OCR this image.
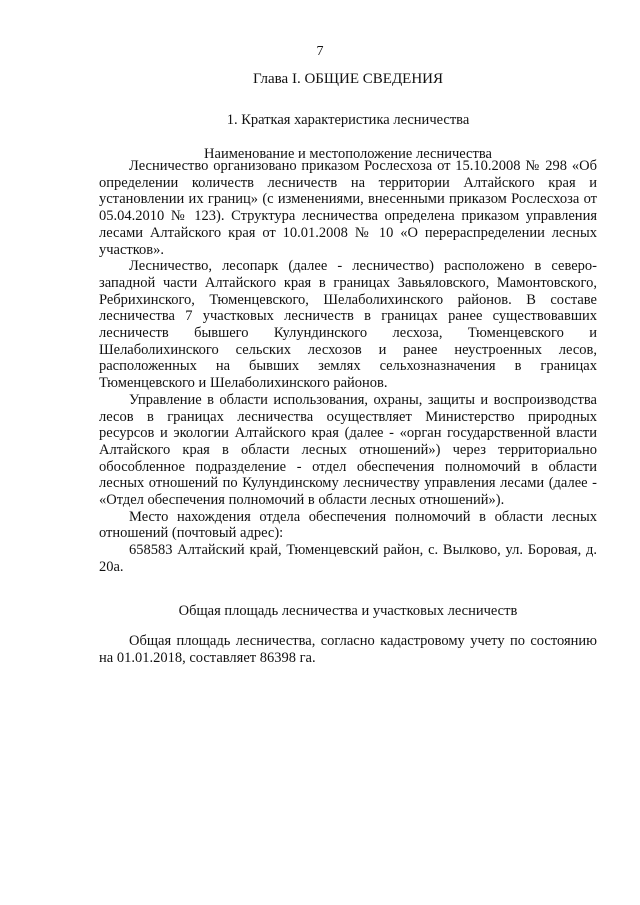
7
Глава I. ОБЩИЕ СВЕДЕНИЯ
1. Краткая характеристика лесничества
Наименование и местоположение лесничества

Лесничество организовано приказом Рослесхоза от 15.10.2008 № 298 «Об определении количеств лесничеств на территории Алтайского края и установлении их границ» (с изменениями, внесенными приказом Рослесхоза от 05.04.2010 № 123). Структура лесничества определена приказом управления лесами Алтайского края от 10.01.2008 № 10 «О перераспределении лесных участков».

Лесничество, лесопарк (далее - лесничество) расположено в северо-западной части Алтайского края в границах Завьяловского, Мамонтовского, Ребрихинского, Тюменцевского, Шелаболихинского районов. В составе лесничества 7 участковых лесничеств в границах ранее существовавших лесничеств бывшего Кулундинского лесхоза, Тюменцевского и Шелаболихинского сельских лесхозов и ранее неустроенных лесов, расположенных на бывших землях сельхозназначения в границах Тюменцевского и Шелаболихинского районов.

Управление в области использования, охраны, защиты и воспроизводства лесов в границах лесничества осуществляет Министерство природных ресурсов и экологии Алтайского края (далее - «орган государственной власти Алтайского края в области лесных отношений») через территориально обособленное подразделение - отдел обеспечения полномочий в области лесных отношений по Кулундинскому лесничеству управления лесами (далее - «Отдел обеспечения полномочий в области лесных отношений»).

Место нахождения отдела обеспечения полномочий в области лесных отношений (почтовый адрес):

658583 Алтайский край, Тюменцевский район, с. Вылково, ул. Боровая, д. 20а.

Общая площадь лесничества и участковых лесничеств

Общая площадь лесничества, согласно кадастровому учету по состоянию на 01.01.2018, составляет 86398 га.
